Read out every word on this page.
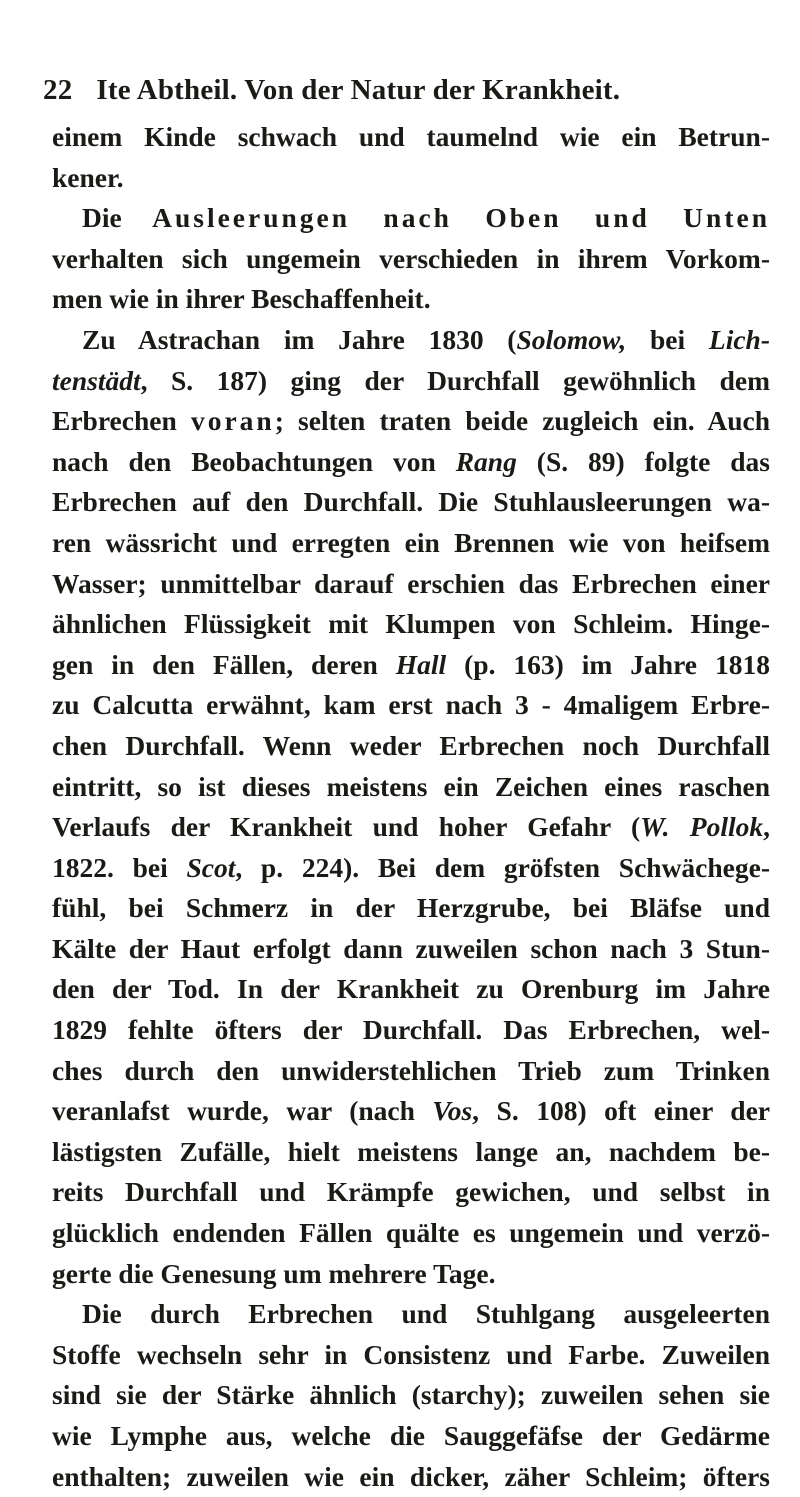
22 Ite Abtheil. Von der Natur der Krankheit.
einem Kinde schwach und taumelnd wie ein Betrun-
kener.
Die Ausleerungen nach Oben und Unten
verhalten sich ungemein verschieden in ihrem Vorkom-
men wie in ihrer Beschaffenheit.
Zu Astrachan im Jahre 1830 (Solomow, bei Lich-
tenstädt, S. 187) ging der Durchfall gewöhnlich dem
Erbrechen voran; selten traten beide zugleich ein. Auch
nach den Beobachtungen von Rang (S. 89) folgte das
Erbrechen auf den Durchfall. Die Stuhlausleerungen wa-
ren wässricht und erregten ein Brennen wie von heifsem
Wasser; unmittelbar darauf erschien das Erbrechen einer
ähnlichen Flüssigkeit mit Klumpen von Schleim. Hinge-
gen in den Fällen, deren Hall (p. 163) im Jahre 1818
zu Calcutta erwähnt, kam erst nach 3 - 4maligem Erbre-
chen Durchfall. Wenn weder Erbrechen noch Durchfall
eintritt, so ist dieses meistens ein Zeichen eines raschen
Verlaufs der Krankheit und hoher Gefahr (W. Pollok,
1822. bei Scot, p. 224). Bei dem gröfsten Schwächege-
fühl, bei Schmerz in der Herzgrube, bei Bläfse und
Kälte der Haut erfolgt dann zuweilen schon nach 3 Stun-
den der Tod. In der Krankheit zu Orenburg im Jahre
1829 fehlte öfters der Durchfall. Das Erbrechen, wel-
ches durch den unwiderstehlichen Trieb zum Trinken
veranlafst wurde, war (nach Vos, S. 108) oft einer der
lästigsten Zufälle, hielt meistens lange an, nachdem be-
reits Durchfall und Krämpfe gewichen, und selbst in
glücklich endenden Fällen quälte es ungemein und verzö-
gerte die Genesung um mehrere Tage.
Die durch Erbrechen und Stuhlgang ausgeleerten
Stoffe wechseln sehr in Consistenz und Farbe. Zuweilen
sind sie der Stärke ähnlich (starchy); zuweilen sehen sie
wie Lymphe aus, welche die Sauggefäfse der Gedärme
enthalten; zuweilen wie ein dicker, zäher Schleim; öfters
